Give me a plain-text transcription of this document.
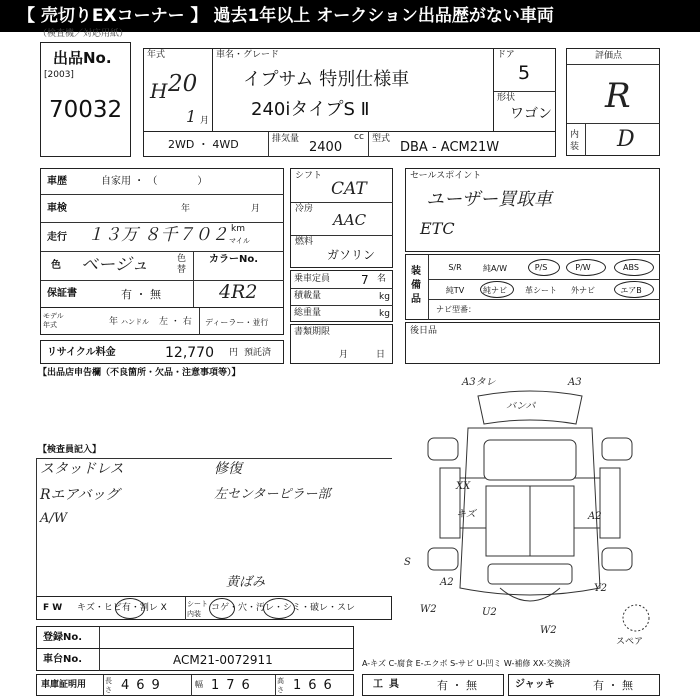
【 売切りEXコーナー 】 過去1年以上 オークション出品歴がない車両
（検査機／対応用紙）
出品No.
[2003]
70032
年式
H 20
1 月
車名・グレード
イプサム 特別仕様車
240iタイプS Ⅱ
ドア
5
形状
ワゴン
評価点
R
内装 D
2WD ・ 4WD	排気量
2400
cc 型式
DBA - ACM21W
車歴	自家用 ・ （　　　　）
車検	年	月
走行 １３万 ８千７０２ km
マイル
色 ベージュ	色替
カラーNo.
4R2
保証書	有 ・ 無
モデル年式	年 ハンドル 左 ・ 右 ディーラー・並行
リサイクル料金	12,770 円 預託済
シフト
CAT
冷房
AAC
燃料
ガソリン
乗車定員	7 名
積載量	kg
総重量	kg
書類期限
月	日
セールスポイント
ユーザー買取車
ETC
装備品
S/R	純A/W	P/S	P/W	ABS
純TV	純ナビ	革シート	外ナビ	エアB
ナビ型番：
後日品
【出品店申告欄（不良箇所・欠品・注意事項等）】
【検査員記入】
スタッドレス	修復
Rエアバッグ	左センターピラー部
A/W
A3タレ	A3
バンパ
XX
キズ	A2
A2
U2
W2
Y2
W2
S
スペア
黄ばみ
F W キズ・ヒビ有・割レ X	シート内装
コゲ・穴・汚レ・シミ・破レ・スレ
登録No.
車台No.	ACM21-0072911	A-キズ C-腐食 E-エクボ S-サビ U-凹ミ W-補修 XX-交換済
車庫証明用	長さ 469	幅 176	高さ 166	工具	有 ・ 無	ジャッキ	有 ・ 無
